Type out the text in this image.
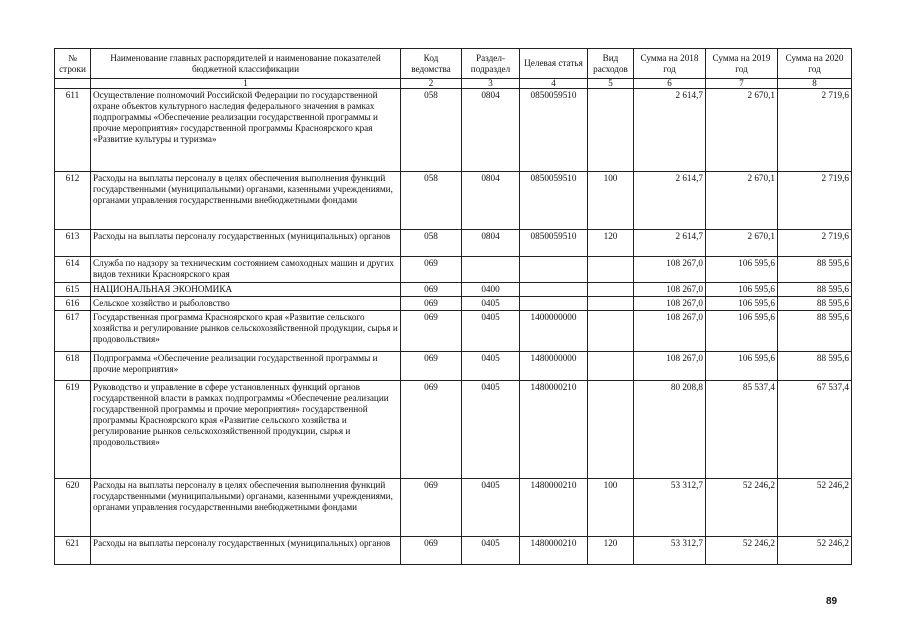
№ строки	Наименование главных распорядителей и наименование показателей бюджетной классификации	Код ведомства	Раздел-подраздел	Целевая статья	Вид расходов	Сумма на 2018 год	Сумма на 2019 год	Сумма на 2020 год
	1	2	3	4	5	6	7	8
611	Осуществление полномочий Российской Федерации по государственной охране объектов культурного наследия федерального значения в рамках подпрограммы «Обеспечение реализации государственной программы и прочие мероприятия» государственной программы Красноярского края «Развитие культуры и туризма»	058	0804	0850059510		2 614,7	2 670,1	2 719,6
612	Расходы на выплаты персоналу в целях обеспечения выполнения функций государственными (муниципальными) органами, казенными учреждениями, органами управления государственными внебюджетными фондами	058	0804	0850059510	100	2 614,7	2 670,1	2 719,6
613	Расходы на выплаты персоналу государственных (муниципальных) органов	058	0804	0850059510	120	2 614,7	2 670,1	2 719,6
614	Служба по надзору за техническим состоянием самоходных машин и других видов техники Красноярского края	069				108 267,0	106 595,6	88 595,6
615	НАЦИОНАЛЬНАЯ ЭКОНОМИКА	069	0400			108 267,0	106 595,6	88 595,6
616	Сельское хозяйство и рыболовство	069	0405			108 267,0	106 595,6	88 595,6
617	Государственная программа Красноярского края «Развитие сельского хозяйства и регулирование рынков сельскохозяйственной продукции, сырья и продовольствия»	069	0405	1400000000		108 267,0	106 595,6	88 595,6
618	Подпрограмма «Обеспечение реализации государственной программы и прочие мероприятия»	069	0405	1480000000		108 267,0	106 595,6	88 595,6
619	Руководство и управление в сфере установленных функций органов государственной власти в рамках подпрограммы «Обеспечение реализации государственной программы и прочие мероприятия» государственной программы Красноярского края «Развитие сельского хозяйства и регулирование рынков сельскохозяйственной продукции, сырья и продовольствия»	069	0405	1480000210		80 208,8	85 537,4	67 537,4
620	Расходы на выплаты персоналу в целях обеспечения выполнения функций государственными (муниципальными) органами, казенными учреждениями, органами управления государственными внебюджетными фондами	069	0405	1480000210	100	53 312,7	52 246,2	52 246,2
621	Расходы на выплаты персоналу государственных (муниципальных) органов	069	0405	1480000210	120	53 312,7	52 246,2	52 246,2
89
